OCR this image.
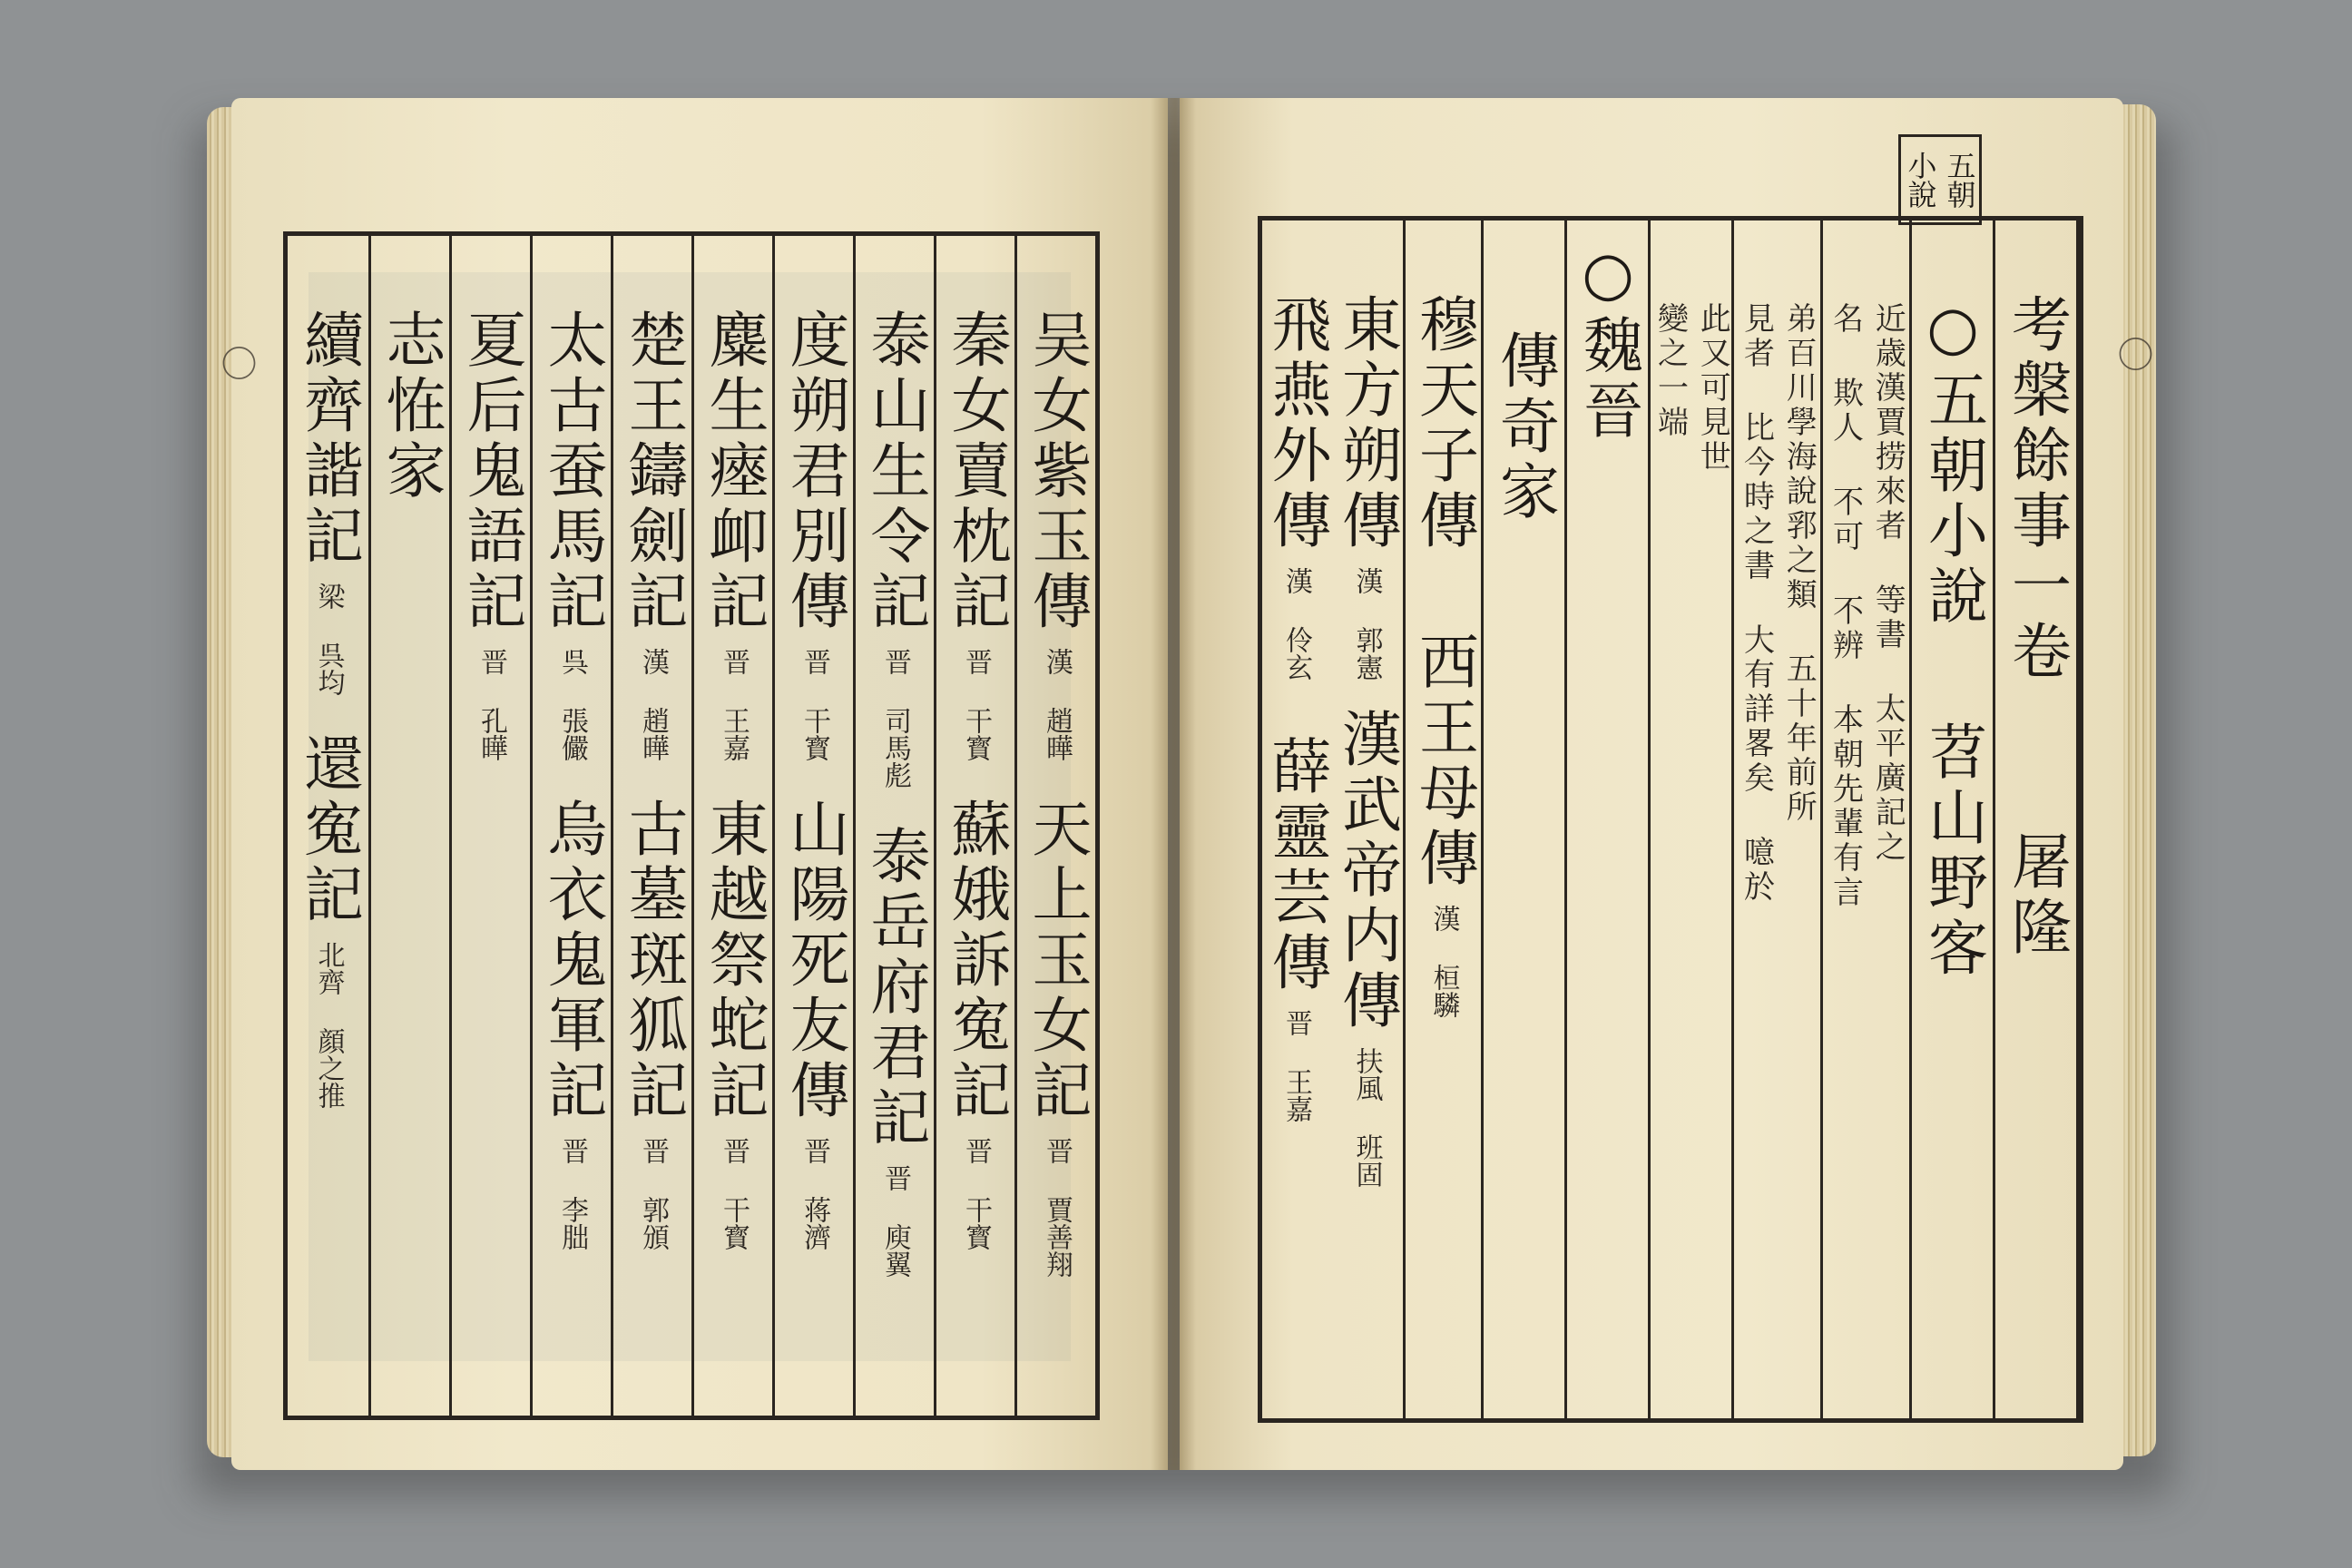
吴女紫玉傳
漢 趙曄
天上玉女記
晋 賈善翔
秦女賣枕記
晋 干寳
蘇娥訴寃記
晋 干寳
泰山生令記
晋 司馬彪
泰岳府君記
晋 庾翼
度朔君別傳
晋 干寳
山陽死友傳
晋 蒋濟
麋生瘞卹記
晋 王嘉
東越祭蛇記
晋 干寳
楚王鑄劍記
漢 趙曄
古墓斑狐記
晋 郭頒
太古蚕馬記
呉 張儼
烏衣鬼軍記
晋 李朏
夏后鬼語記
晋 孔曄
志恠家
續齊諧記
梁 呉均
還寃記
北齊 顔之推
五朝
小說
考槃餘事一卷
屠隆
○五朝小說
苕山野客
近歳漢賈捞來者 等書 太平廣記之
名 欺人 不可 不辨 本朝先輩有言
弟百川學海說郛之類 五十年前所
見者 比今時之書 大有詳畧矣 噫於
此又可見世
變之一端
○魏晉
傳奇家
穆天子傳
西王母傳
漢 桓驎
東方朔傳
漢 郭憲
漢武帝内傳
扶風 班固
飛燕外傳
漢 伶玄
薛靈芸傳
晋 王嘉
〇	〇
